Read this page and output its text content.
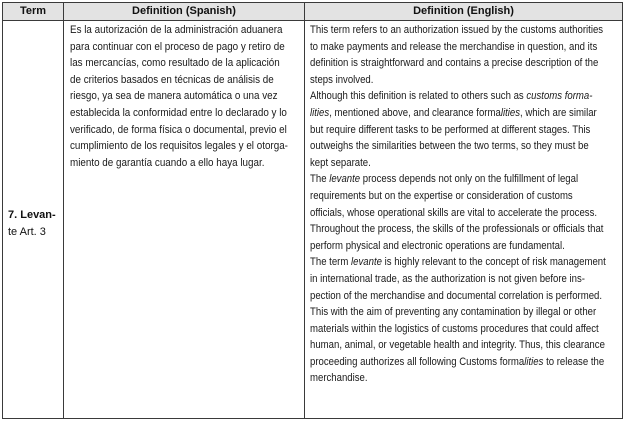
Term	Definition (Spanish)	Definition (English)
7. Levan-
te Art. 3
Es la autorización de la administración aduanera
para continuar con el proceso de pago y retiro de
las mercancías, como resultado de la aplicación
de criterios basados en técnicas de análisis de
riesgo, ya sea de manera automática o una vez
establecida la conformidad entre lo declarado y lo
verificado, de forma física o documental, previo el
cumplimiento de los requisitos legales y el otorga-
miento de garantía cuando a ello haya lugar.
This term refers to an authorization issued by the customs authorities
to make payments and release the merchandise in question, and its
definition is straightforward and contains a precise description of the
steps involved.
Although this definition is related to others such as customs forma-
lities, mentioned above, and clearance formalities, which are similar
but require different tasks to be performed at different stages. This
outweighs the similarities between the two terms, so they must be
kept separate.
The levante process depends not only on the fulfillment of legal
requirements but on the expertise or consideration of customs
officials, whose operational skills are vital to accelerate the process.
Throughout the process, the skills of the professionals or officials that
perform physical and electronic operations are fundamental.
The term levante is highly relevant to the concept of risk management
in international trade, as the authorization is not given before ins-
pection of the merchandise and documental correlation is performed.
This with the aim of preventing any contamination by illegal or other
materials within the logistics of customs procedures that could affect
human, animal, or vegetable health and integrity. Thus, this clearance
proceeding authorizes all following Customs formalities to release the
merchandise.
